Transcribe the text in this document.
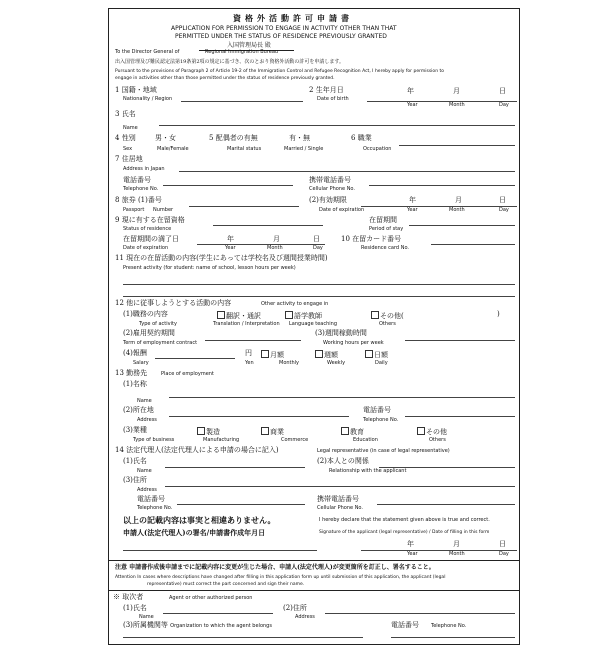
資格外活動許可申請書
APPLICATION FOR PERMISSION TO ENGAGE IN ACTIVITY OTHER THAN THAT
PERMITTED UNDER THE STATUS OF RESIDENCE PREVIOUSLY GRANTED
入国管理局長 殿
To the Director General of	Regional Immigration Bureau
出入国管理及び難民認定法第19条第2項の規定に基づき、次のとおり資格外活動の許可を申請します。
Pursuant to the provisions of Paragraph 2 of Article 19-2 of the Immigration Control and Refugee Recognition Act, I hereby apply for permission to
engage in activities other than those permitted under the status of residence previously granted.
1 国籍・地域
Nationality / Region
2 生年月日
Date of birth
年	月	日
Year	Month	Day
3 氏名
Name
4 性別	男・女
Sex	Male/Female
5 配偶者の有無	有・無
Marital status	Married / Single
6 職業
Occupation
7 住居地
Address in Japan
電話番号
Telephone No.
携帯電話番号
Cellular Phone No.
8 旅券 (1)番号
Passport Number
(2)有効期限	年	月	日
Date of expiration	Year	Month	Day
9 現に有する在留資格
Status of residence
在留期間
Period of stay
在留期間の満了日	年	月	日
Date of expiration	Year	Month	Day
10 在留カード番号
Residence card No.
11 現在の在留活動の内容(学生にあっては学校名及び週間授業時間)
Present activity (for student: name of school, lesson hours per week)
12 他に従事しようとする活動の内容	Other activity to engage in
(1)職務の内容	翻訳・通訳	語学教師	その他(	)
Type of activity	Translation / Interpretation Language teaching	Others
(2)雇用契約期間	(3)週間稼動時間
Term of employment contract	Working hours per week
(4)報酬	円	月額	週額	日額
Salary	Yen	Monthly	Weekly	Daily
13 勤務先	Place of employment
(1)名称
Name
(2)所在地
Address
電話番号
Telephone No.
(3)業種	製造	商業	教育	その他
Type of business	Manufacturing	Commerce	Education	Others
14 法定代理人(法定代理人による申請の場合に記入)	Legal representative (in case of legal representative)
(1)氏名
Name
(2)本人との関係
Relationship with the applicant
(3)住所
Address
電話番号
Telephone No.
携帯電話番号
Cellular Phone No.
以上の記載内容は事実と相違ありません。	I hereby declare that the statement given above is true and correct.
申請人(法定代理人)の署名/申請書作成年月日	Signature of the applicant (legal representative) / Date of filling in this form
年	月	日
Year	Month	Day
注意 申請書作成後申請までに記載内容に変更が生じた場合、申請人(法定代理人)が変更箇所を訂正し、署名すること。
Attention In cases where descriptions have changed after filling in this application form up until submission of this application, the applicant (legal
representative) must correct the part concerned and sign their name.
※ 取次者	Agent or other authorized person
(1)氏名
Name
(2)住所
Address
(3)所属機関等 Organization to which the agent belongs	電話番号 Telephone No.
